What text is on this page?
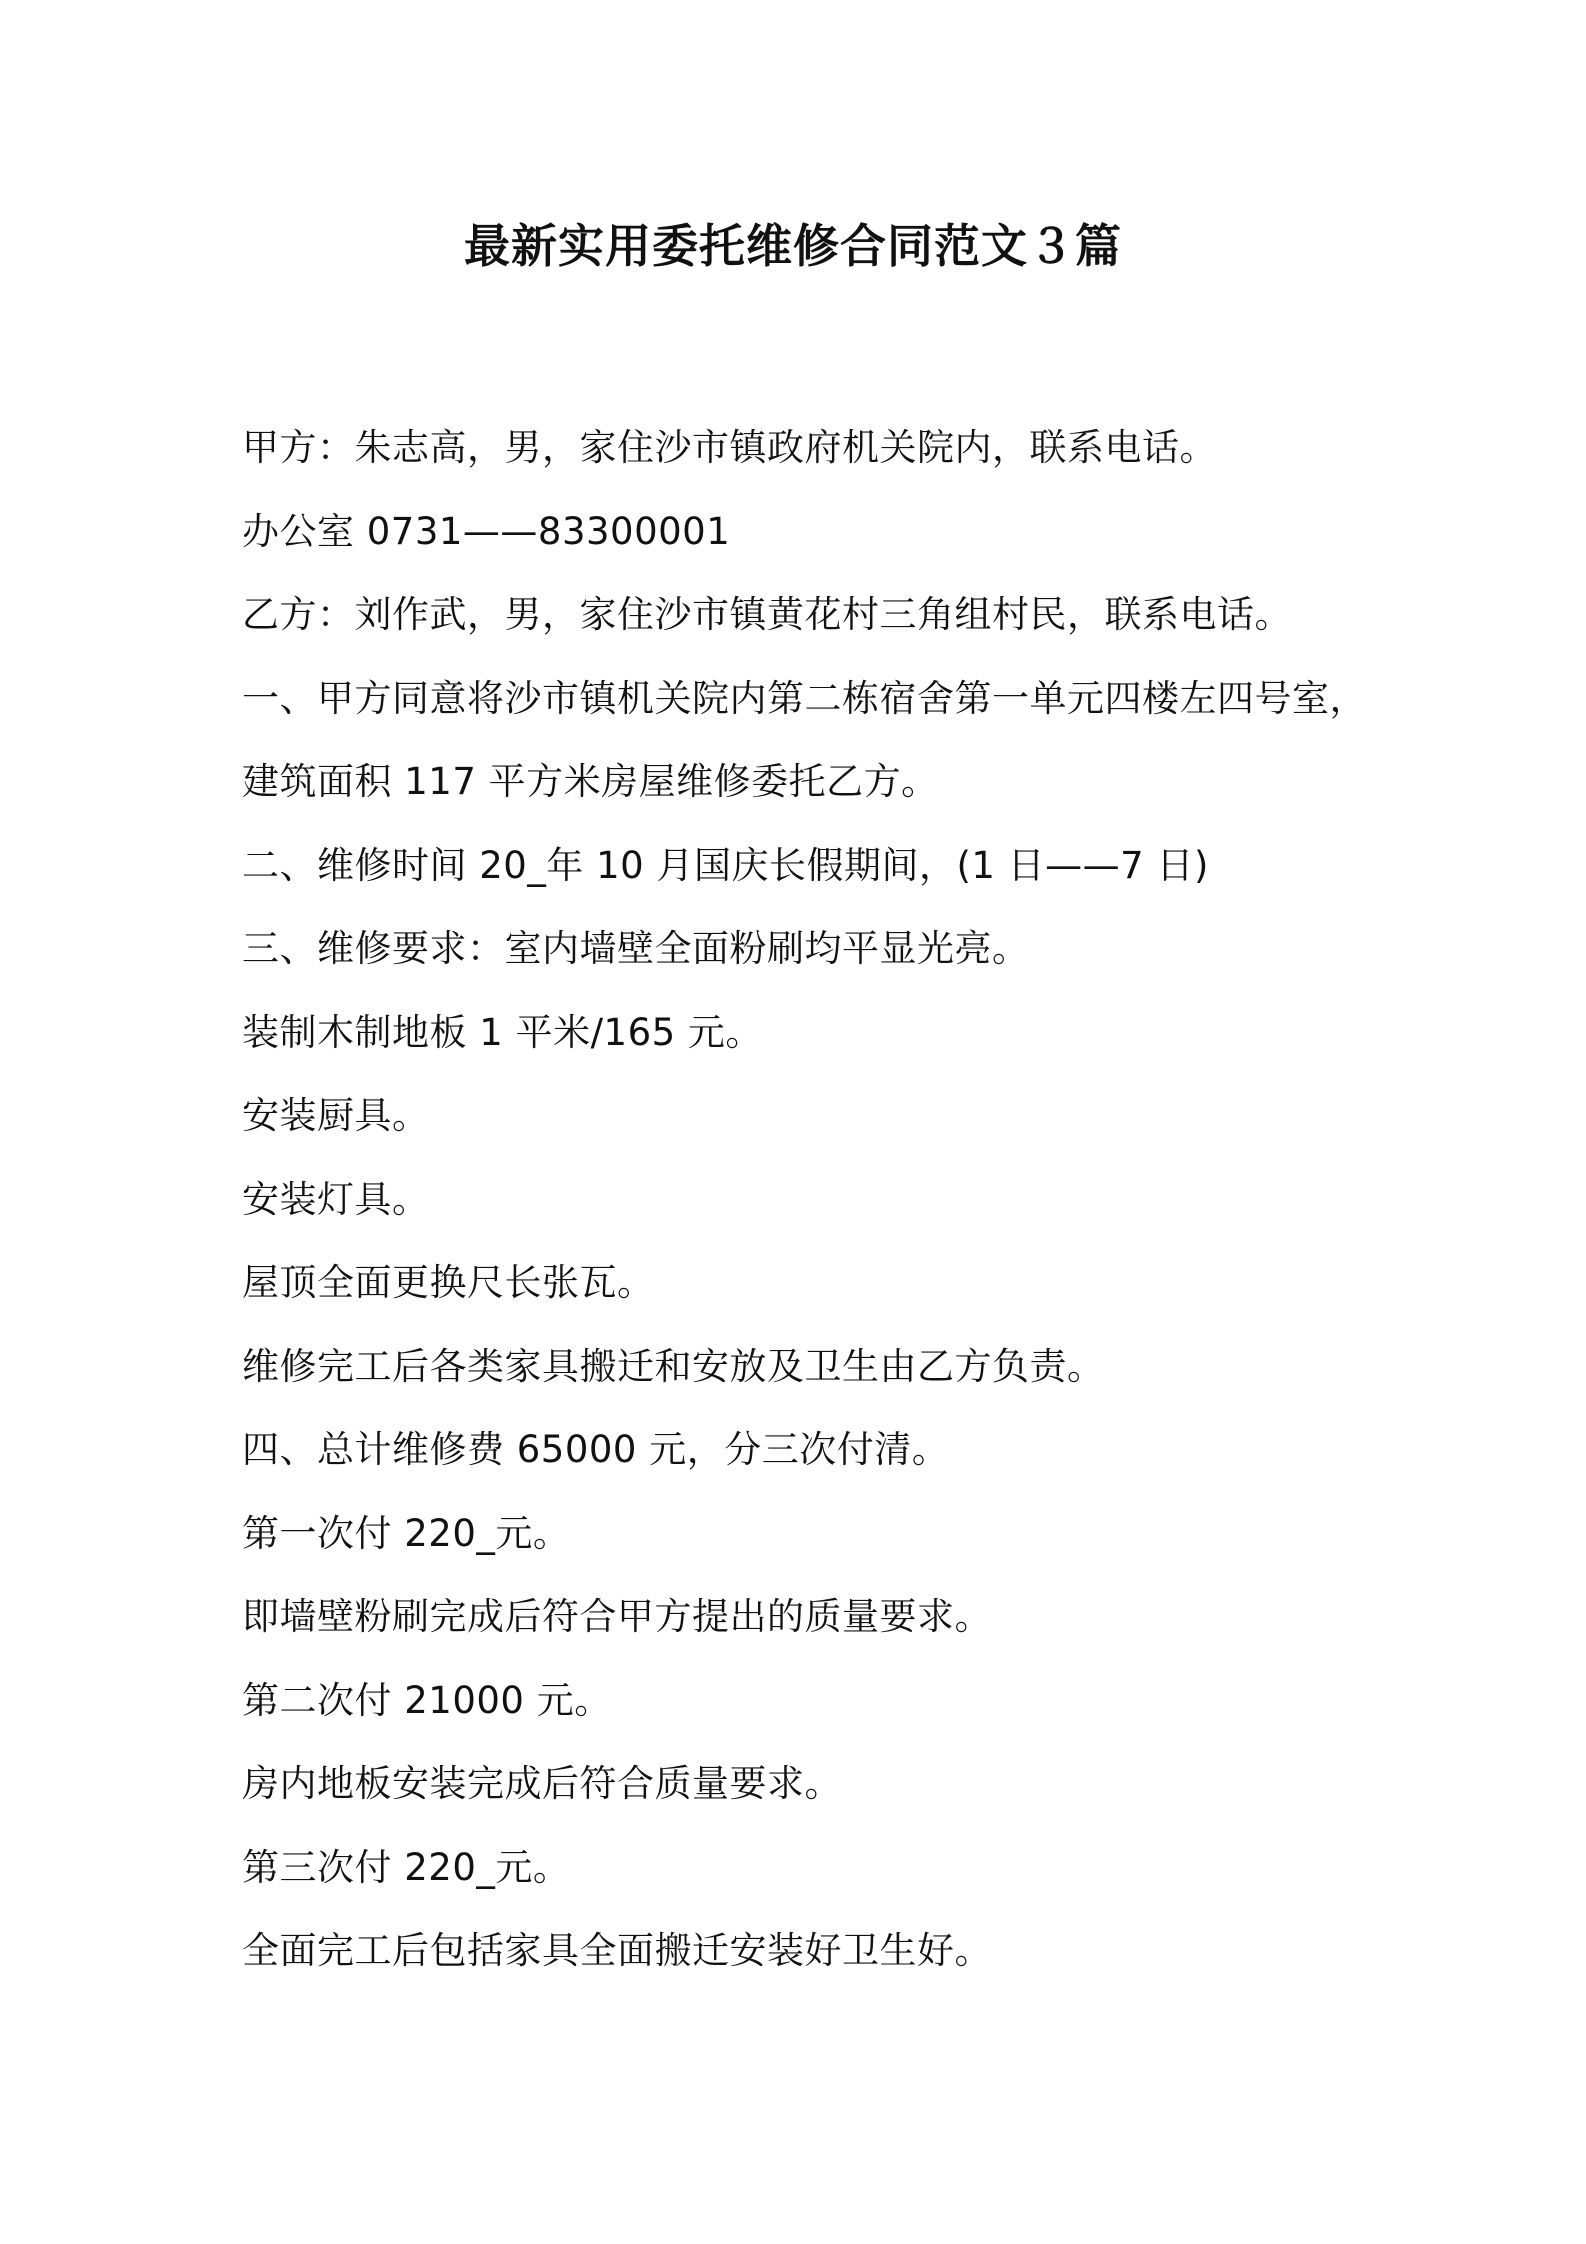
最新实用委托维修合同范文３篇

甲方：朱志高，男，家住沙市镇政府机关院内，联系电话。

办公室 0731——83300001

乙方：刘作武，男，家住沙市镇黄花村三角组村民，联系电话。

一、甲方同意将沙市镇机关院内第二栋宿舍第一单元四楼左四号室，

建筑面积 117 平方米房屋维修委托乙方。

二、维修时间 20_年 10 月国庆长假期间，(1 日——7 日)

三、维修要求：室内墙壁全面粉刷均平显光亮。

装制木制地板 1 平米/165 元。

安装厨具。

安装灯具。

屋顶全面更换尺长张瓦。

维修完工后各类家具搬迁和安放及卫生由乙方负责。

四、总计维修费 65000 元，分三次付清。

第一次付 220_元。

即墙壁粉刷完成后符合甲方提出的质量要求。

第二次付 21000 元。

房内地板安装完成后符合质量要求。

第三次付 220_元。

全面完工后包括家具全面搬迁安装好卫生好。
